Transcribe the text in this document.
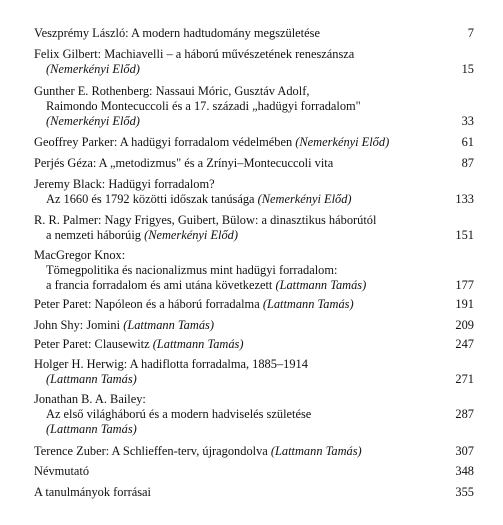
Veszprémy László: A modern hadtudomány megszületése	7
Felix Gilbert: Machiavelli – a háború művészetének reneszánsza
(Nemerkényi Előd)	15
Gunther E. Rothenberg: Nassaui Móric, Gusztáv Adolf,
Raimondo Montecuccoli és a 17. századi „hadügyi forradalom"
(Nemerkényi Előd)	33
Geoffrey Parker: A hadügyi forradalom védelmében (Nemerkényi Előd)	61
Perjés Géza: A „metodizmus" és a Zrínyi–Montecuccoli vita	87
Jeremy Black: Hadügyi forradalom?
Az 1660 és 1792 közötti időszak tanúsága (Nemerkényi Előd)	133
R. R. Palmer: Nagy Frigyes, Guibert, Bülow: a dinasztikus háborútól
a nemzeti háborúig (Nemerkényi Előd)	151
MacGregor Knox:
Tömegpolitika és nacionalizmus mint hadügyi forradalom:
a francia forradalom és ami utána következett (Lattmann Tamás)	177
Peter Paret: Napóleon és a háború forradalma (Lattmann Tamás)	191
John Shy: Jomini (Lattmann Tamás)	209
Peter Paret: Clausewitz (Lattmann Tamás)	247
Holger H. Herwig: A hadiflotta forradalma, 1885–1914
(Lattmann Tamás)	271
Jonathan B. A. Bailey:
Az első világháború és a modern hadviselés születése
(Lattmann Tamás)
287
Terence Zuber: A Schlieffen-terv, újragondolva (Lattmann Tamás)	307
Névmutató	348
A tanulmányok forrásai	355
